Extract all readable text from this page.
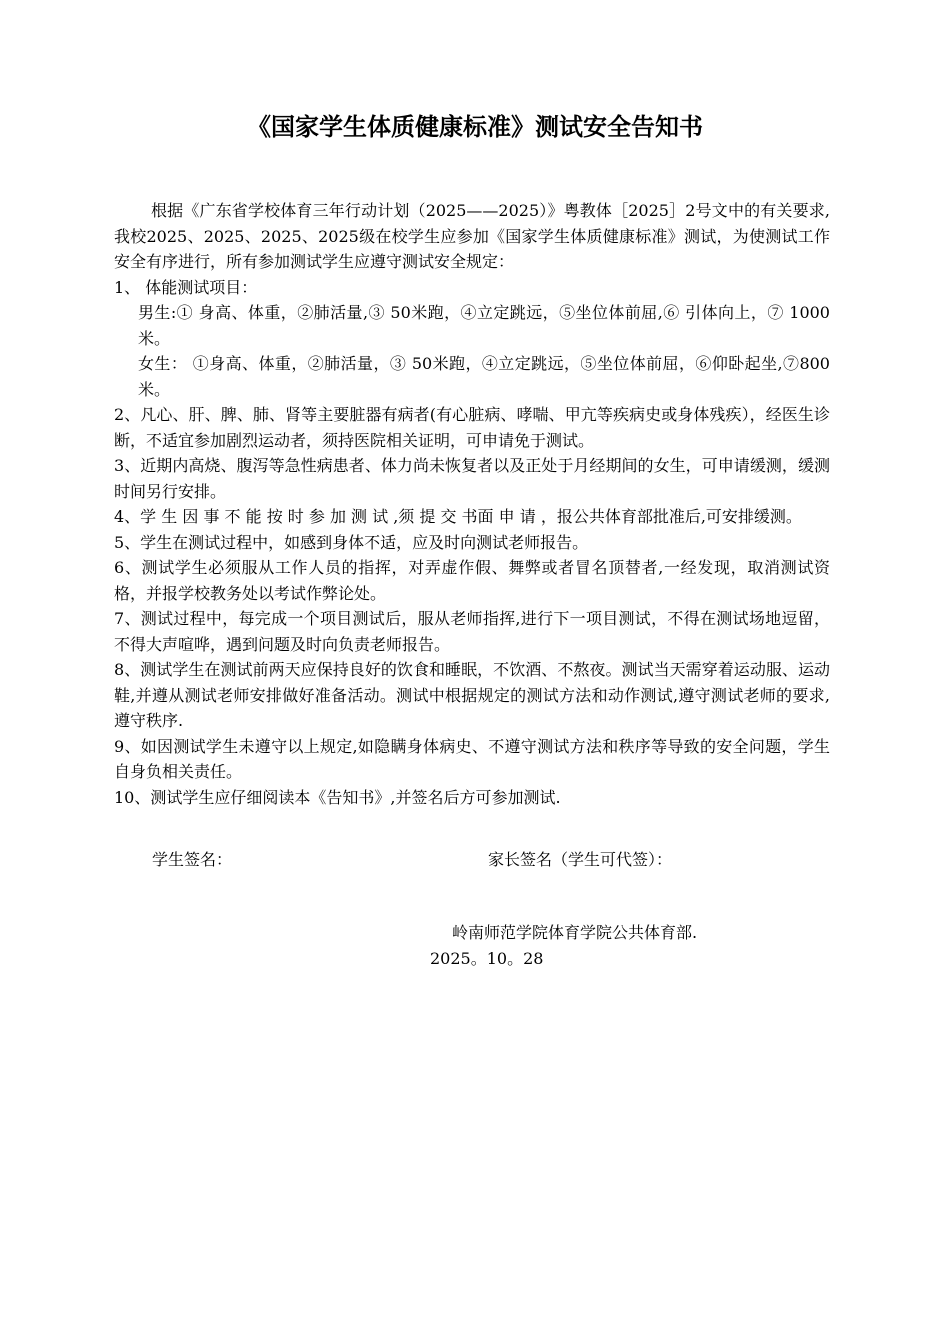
《国家学生体质健康标准》测试安全告知书

根据《广东省学校体育三年行动计划（2025——2025）》粤教体［2025］2号文中的有关要求,我校2025、2025、2025、2025级在校学生应参加《国家学生体质健康标准》测试，为使测试工作安全有序进行，所有参加测试学生应遵守测试安全规定：

1、 体能测试项目：

男生:① 身高、体重，②肺活量,③ 50米跑，④立定跳远，⑤坐位体前屈,⑥ 引体向上，⑦ 1000米。

女生： ①身高、体重，②肺活量，③ 50米跑，④立定跳远，⑤坐位体前屈，⑥仰卧起坐,⑦800米。

2、凡心、肝、脾、肺、肾等主要脏器有病者(有心脏病、哮喘、甲亢等疾病史或身体残疾），经医生诊断，不适宜参加剧烈运动者，须持医院相关证明，可申请免于测试。

3、近期内高烧、腹泻等急性病患者、体力尚未恢复者以及正处于月经期间的女生，可申请缓测，缓测时间另行安排。

4、学 生 因 事 不 能 按 时 参 加 测 试 ,须 提 交 书面 申 请 ，报公共体育部批准后,可安排缓测。

5、学生在测试过程中，如感到身体不适，应及时向测试老师报告。

6、测试学生必须服从工作人员的指挥，对弄虚作假、舞弊或者冒名顶替者,一经发现，取消测试资格，并报学校教务处以考试作弊论处。

7、测试过程中，每完成一个项目测试后，服从老师指挥,进行下一项目测试，不得在测试场地逗留，不得大声喧哗，遇到问题及时向负责老师报告。

8、测试学生在测试前两天应保持良好的饮食和睡眠，不饮酒、不熬夜。测试当天需穿着运动服、运动鞋,并遵从测试老师安排做好准备活动。测试中根据规定的测试方法和动作测试,遵守测试老师的要求,遵守秩序.

9、如因测试学生未遵守以上规定,如隐瞒身体病史、不遵守测试方法和秩序等导致的安全问题，学生自身负相关责任。

10、测试学生应仔细阅读本《告知书》,并签名后方可参加测试.

学生签名：	家长签名（学生可代签）：
岭南师范学院体育学院公共体育部.
2025。10。28
